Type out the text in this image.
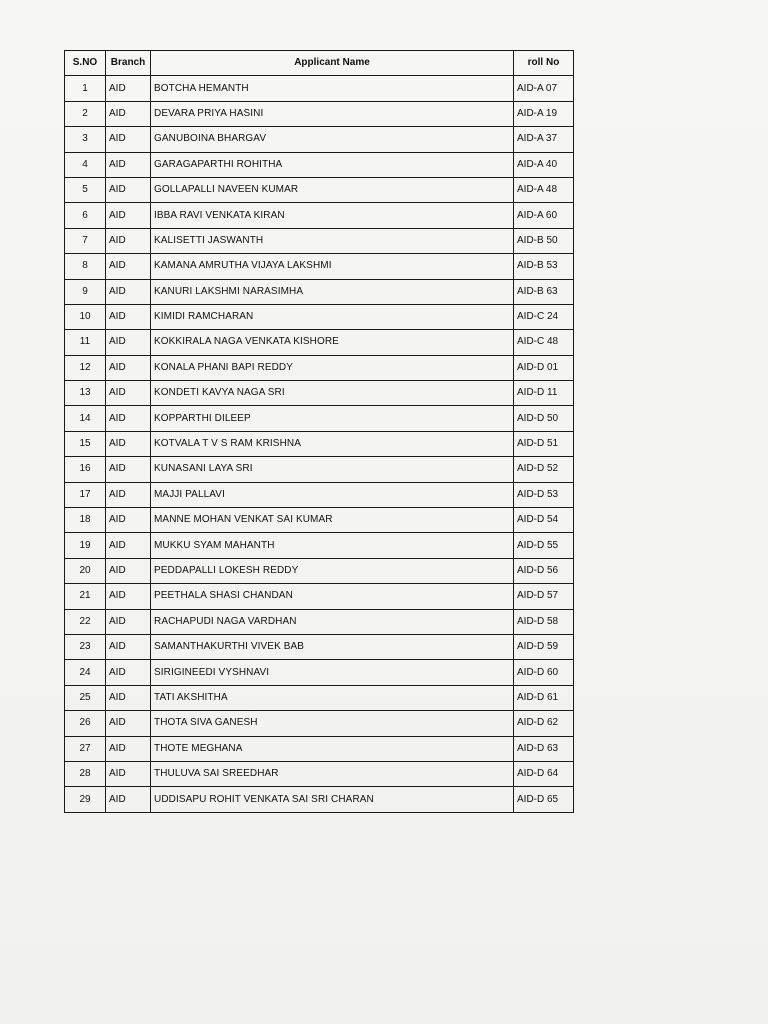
S.NO	Branch	Applicant Name	roll No
1	AID	BOTCHA HEMANTH	AID-A 07
2	AID	DEVARA PRIYA HASINI	AID-A 19
3	AID	GANUBOINA BHARGAV	AID-A 37
4	AID	GARAGAPARTHI ROHITHA	AID-A 40
5	AID	GOLLAPALLI NAVEEN KUMAR	AID-A 48
6	AID	IBBA RAVI VENKATA KIRAN	AID-A 60
7	AID	KALISETTI JASWANTH	AID-B 50
8	AID	KAMANA AMRUTHA VIJAYA LAKSHMI	AID-B 53
9	AID	KANURI LAKSHMI NARASIMHA	AID-B 63
10	AID	KIMIDI RAMCHARAN	AID-C 24
11	AID	KOKKIRALA NAGA VENKATA KISHORE	AID-C 48
12	AID	KONALA PHANI BAPI REDDY	AID-D 01
13	AID	KONDETI KAVYA NAGA SRI	AID-D 11
14	AID	KOPPARTHI DILEEP	AID-D 50
15	AID	KOTVALA T V S RAM KRISHNA	AID-D 51
16	AID	KUNASANI LAYA SRI	AID-D 52
17	AID	MAJJI PALLAVI	AID-D 53
18	AID	MANNE MOHAN VENKAT SAI KUMAR	AID-D 54
19	AID	MUKKU SYAM MAHANTH	AID-D 55
20	AID	PEDDAPALLI LOKESH REDDY	AID-D 56
21	AID	PEETHALA SHASI CHANDAN	AID-D 57
22	AID	RACHAPUDI NAGA VARDHAN	AID-D 58
23	AID	SAMANTHAKURTHI VIVEK BAB	AID-D 59
24	AID	SIRIGINEEDI VYSHNAVI	AID-D 60
25	AID	TATI AKSHITHA	AID-D 61
26	AID	THOTA SIVA GANESH	AID-D 62
27	AID	THOTE MEGHANA	AID-D 63
28	AID	THULUVA SAI SREEDHAR	AID-D 64
29	AID	UDDISAPU ROHIT VENKATA SAI SRI CHARAN	AID-D 65
